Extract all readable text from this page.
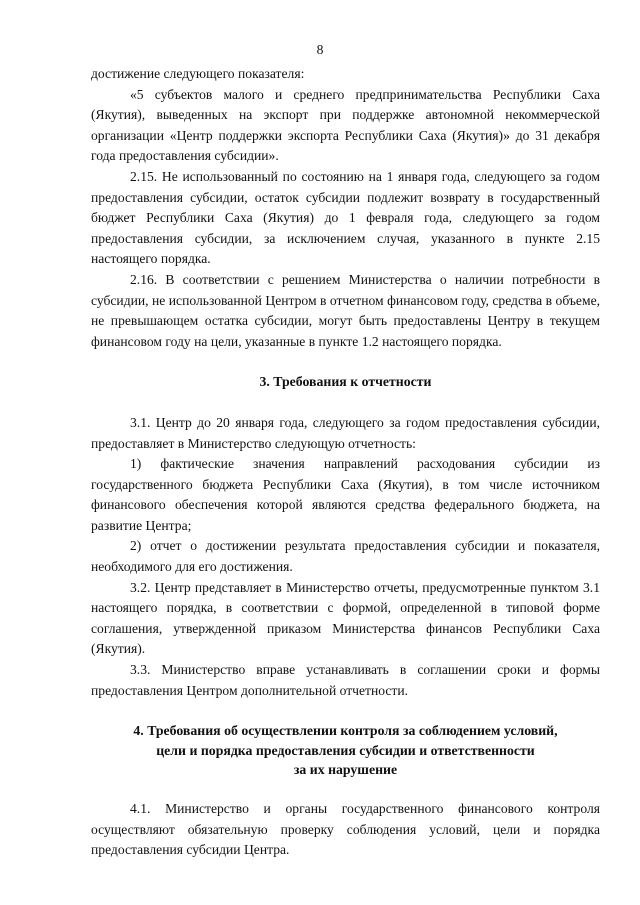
8

достижение следующего показателя:

«5 субъектов малого и среднего предпринимательства Республики Саха (Якутия), выведенных на экспорт при поддержке автономной некоммерческой организации «Центр поддержки экспорта Республики Саха (Якутия)» до 31 декабря года предоставления субсидии».

2.15. Не использованный по состоянию на 1 января года, следующего за годом предоставления субсидии, остаток субсидии подлежит возврату в государственный бюджет Республики Саха (Якутия) до 1 февраля года, следующего за годом предоставления субсидии, за исключением случая, указанного в пункте 2.15 настоящего порядка.

2.16. В соответствии с решением Министерства о наличии потребности в субсидии, не использованной Центром в отчетном финансовом году, средства в объеме, не превышающем остатка субсидии, могут быть предоставлены Центру в текущем финансовом году на цели, указанные в пункте 1.2 настоящего порядка.

3. Требования к отчетности

3.1. Центр до 20 января года, следующего за годом предоставления субсидии, предоставляет в Министерство следующую отчетность:

1) фактические значения направлений расходования субсидии из государственного бюджета Республики Саха (Якутия), в том числе источником финансового обеспечения которой являются средства федерального бюджета, на развитие Центра;

2) отчет о достижении результата предоставления субсидии и показателя, необходимого для его достижения.

3.2. Центр представляет в Министерство отчеты, предусмотренные пунктом 3.1 настоящего порядка, в соответствии с формой, определенной в типовой форме соглашения, утвержденной приказом Министерства финансов Республики Саха (Якутия).

3.3. Министерство вправе устанавливать в соглашении сроки и формы предоставления Центром дополнительной отчетности.

4. Требования об осуществлении контроля за соблюдением условий,
цели и порядка предоставления субсидии и ответственности
за их нарушение

4.1. Министерство и органы государственного финансового контроля осуществляют обязательную проверку соблюдения условий, цели и порядка предоставления субсидии Центра.
